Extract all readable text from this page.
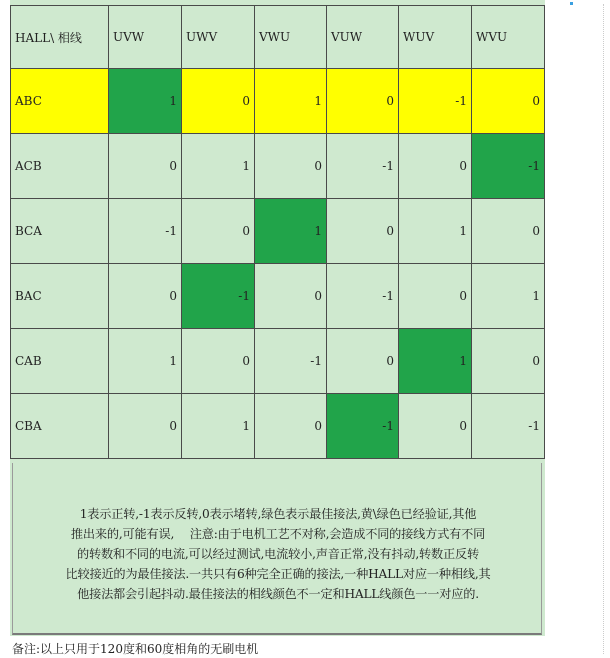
HALL\ 相线	UVW	UWV	VWU	VUW	WUV	WVU
ABC	1	0	1	0	-1	0
ACB	0	1	0	-1	0	-1
BCA	-1	0	1	0	1	0
BAC	0	-1	0	-1	0	1
CAB	1	0	-1	0	1	0
CBA	0	1	0	-1	0	-1
1表示正转,-1表示反转,0表示堵转,绿色表示最佳接法,黄\绿色已经验证,其他
推出来的,可能有误,　 注意:由于电机工艺不对称,会造成不同的接线方式有不同
的转数和不同的电流,可以经过测试,电流较小,声音正常,没有抖动,转数正反转
比较接近的为最佳接法.一共只有6种完全正确的接法,一种HALL对应一种相线,其
他接法都会引起抖动.最佳接法的相线颜色不一定和HALL线颜色一一对应的.
备注:以上只用于120度和60度相角的无刷电机
